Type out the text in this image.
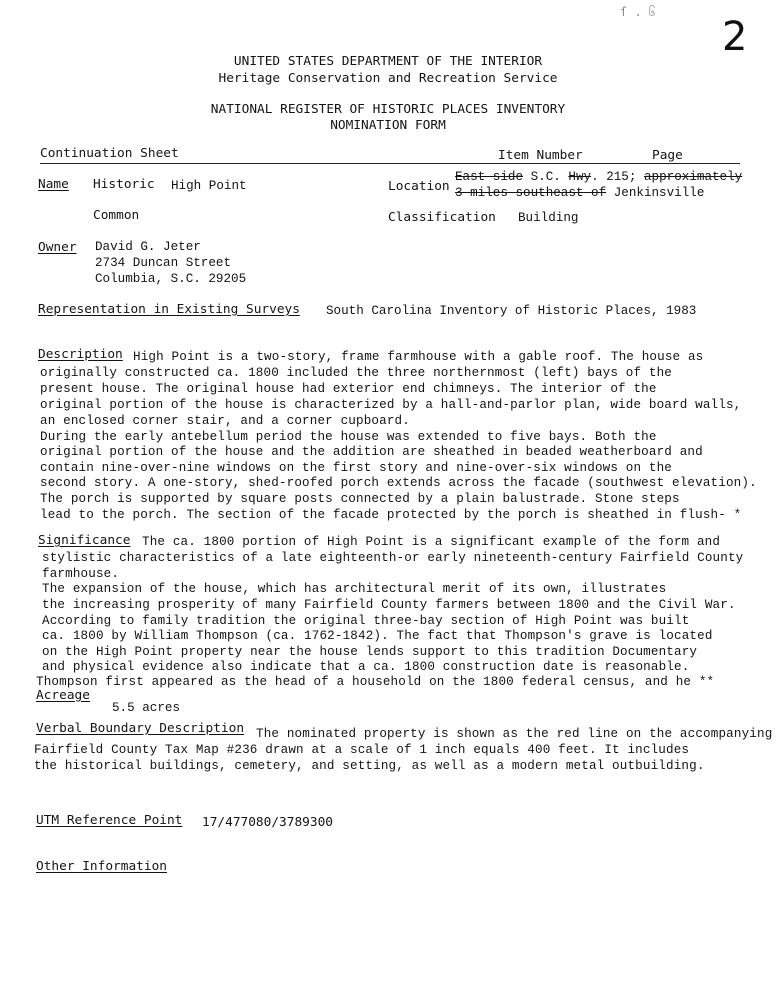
2
ſ . ၆
UNITED STATES DEPARTMENT OF THE INTERIOR
Heritage Conservation and Recreation Service
NATIONAL REGISTER OF HISTORIC PLACES INVENTORY
NOMINATION FORM
Continuation Sheet	Item Number	Page
Name Historic High Point
Common
Location
East side S.C. Hwy. 215; approximately
3 miles southeast of Jenkinsville
Classification Building
Owner David G. Jeter
2734 Duncan Street
Columbia, S.C. 29205
Representation in Existing Surveys South Carolina Inventory of Historic Places, 1983
Description High Point is a two-story, frame farmhouse with a gable roof. The house as
originally constructed ca. 1800 included the three northernmost (left) bays of the
present house. The original house had exterior end chimneys. The interior of the
original portion of the house is characterized by a hall-and-parlor plan, wide board walls,
an enclosed corner stair, and a corner cupboard.
During the early antebellum period the house was extended to five bays. Both the
original portion of the house and the addition are sheathed in beaded weatherboard and
contain nine-over-nine windows on the first story and nine-over-six windows on the
second story. A one-story, shed-roofed porch extends across the facade (southwest elevation).
The porch is supported by square posts connected by a plain balustrade. Stone steps
lead to the porch. The section of the facade protected by the porch is sheathed in flush- *
Significance The ca. 1800 portion of High Point is a significant example of the form and
stylistic characteristics of a late eighteenth-or early nineteenth-century Fairfield County
farmhouse.
The expansion of the house, which has architectural merit of its own, illustrates
the increasing prosperity of many Fairfield County farmers between 1800 and the Civil War.
According to family tradition the original three-bay section of High Point was built
ca. 1800 by William Thompson (ca. 1762-1842). The fact that Thompson's grave is located
on the High Point property near the house lends support to this tradition Documentary
and physical evidence also indicate that a ca. 1800 construction date is reasonable.
Thompson first appeared as the head of a household on the 1800 federal census, and he **
Acreage
5.5 acres
Verbal Boundary Description The nominated property is shown as the red line on the accompanying
Fairfield County Tax Map #236 drawn at a scale of 1 inch equals 400 feet. It includes
the historical buildings, cemetery, and setting, as well as a modern metal outbuilding.
UTM Reference Point 17/477080/3789300
Other Information
